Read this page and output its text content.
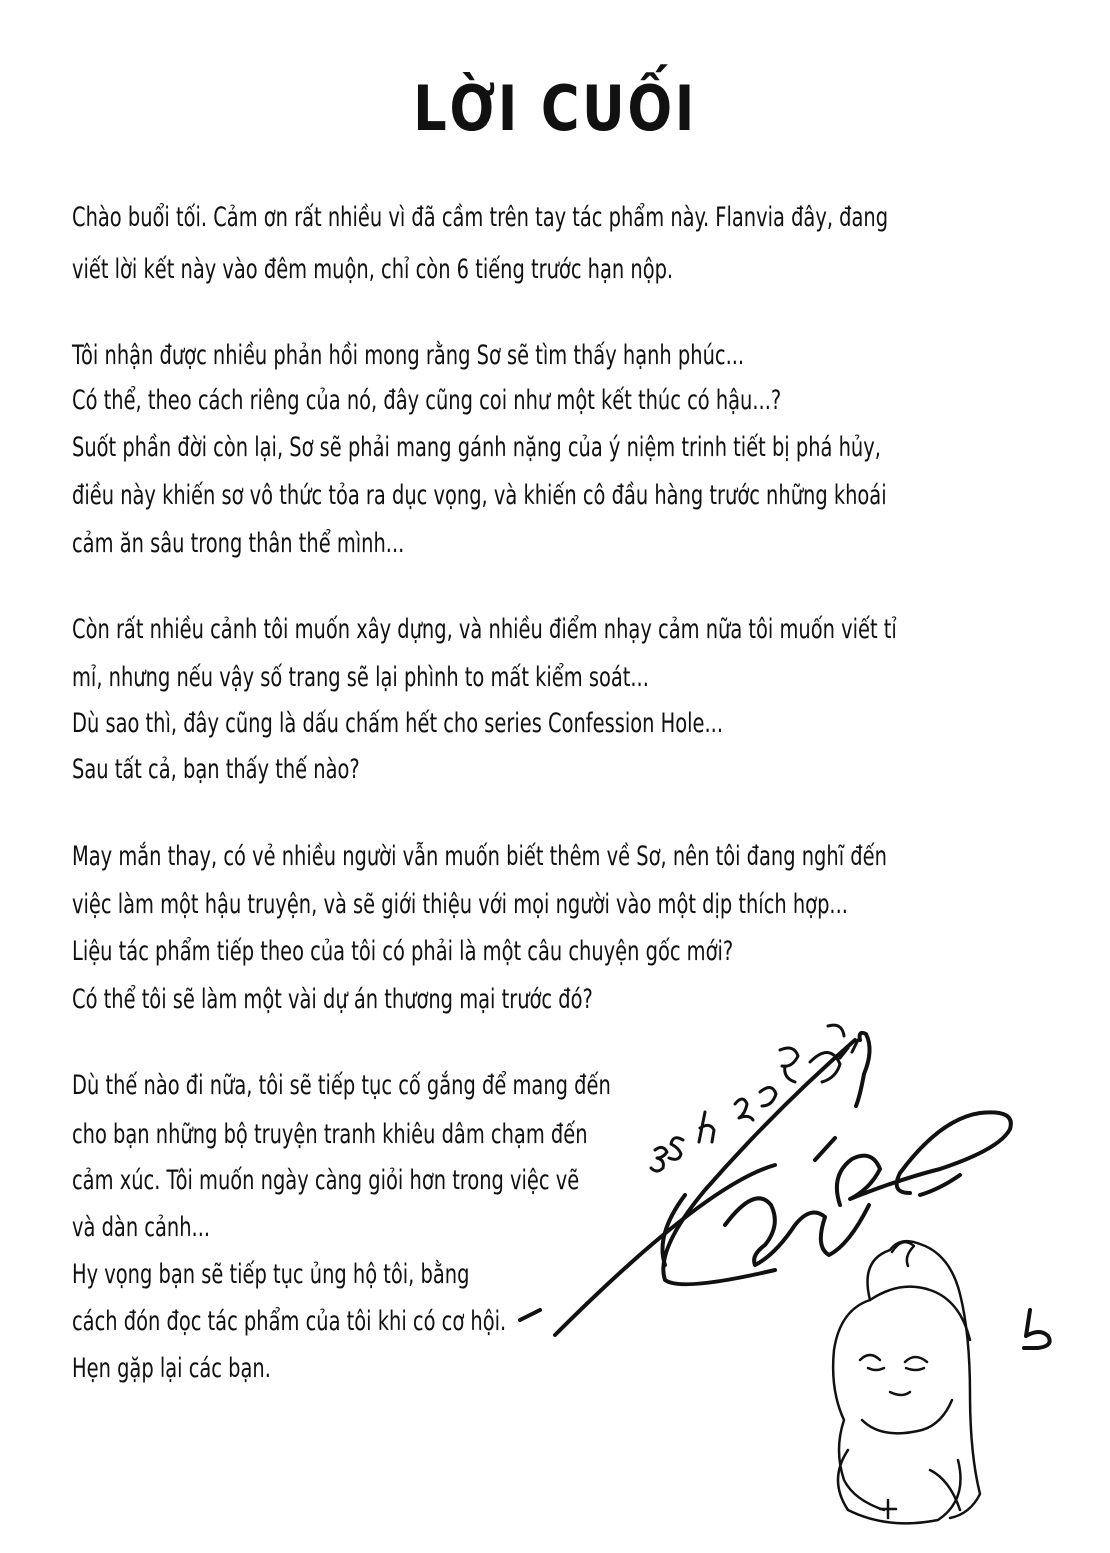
LỜI CUỐI
Chào buổi tối. Cảm ơn rất nhiều vì đã cầm trên tay tác phẩm này. Flanvia đây, đang
viết lời kết này vào đêm muộn, chỉ còn 6 tiếng trước hạn nộp.
Tôi nhận được nhiều phản hồi mong rằng Sơ sẽ tìm thấy hạnh phúc...
Có thể, theo cách riêng của nó, đây cũng coi như một kết thúc có hậu...?
Suốt phần đời còn lại, Sơ sẽ phải mang gánh nặng của ý niệm trinh tiết bị phá hủy,
điều này khiến sơ vô thức tỏa ra dục vọng, và khiến cô đầu hàng trước những khoái
cảm ăn sâu trong thân thể mình...
Còn rất nhiều cảnh tôi muốn xây dựng, và nhiều điểm nhạy cảm nữa tôi muốn viết tỉ
mỉ, nhưng nếu vậy số trang sẽ lại phình to mất kiểm soát...
Dù sao thì, đây cũng là dấu chấm hết cho series Confession Hole...
Sau tất cả, bạn thấy thế nào?
May mắn thay, có vẻ nhiều người vẫn muốn biết thêm về Sơ, nên tôi đang nghĩ đến
việc làm một hậu truyện, và sẽ giới thiệu với mọi người vào một dịp thích hợp...
Liệu tác phẩm tiếp theo của tôi có phải là một câu chuyện gốc mới?
Có thể tôi sẽ làm một vài dự án thương mại trước đó?
Dù thế nào đi nữa, tôi sẽ tiếp tục cố gắng để mang đến
cho bạn những bộ truyện tranh khiêu dâm chạm đến
cảm xúc. Tôi muốn ngày càng giỏi hơn trong việc vẽ
và dàn cảnh...
Hy vọng bạn sẽ tiếp tục ủng hộ tôi, bằng
cách đón đọc tác phẩm của tôi khi có cơ hội.
Hẹn gặp lại các bạn.
